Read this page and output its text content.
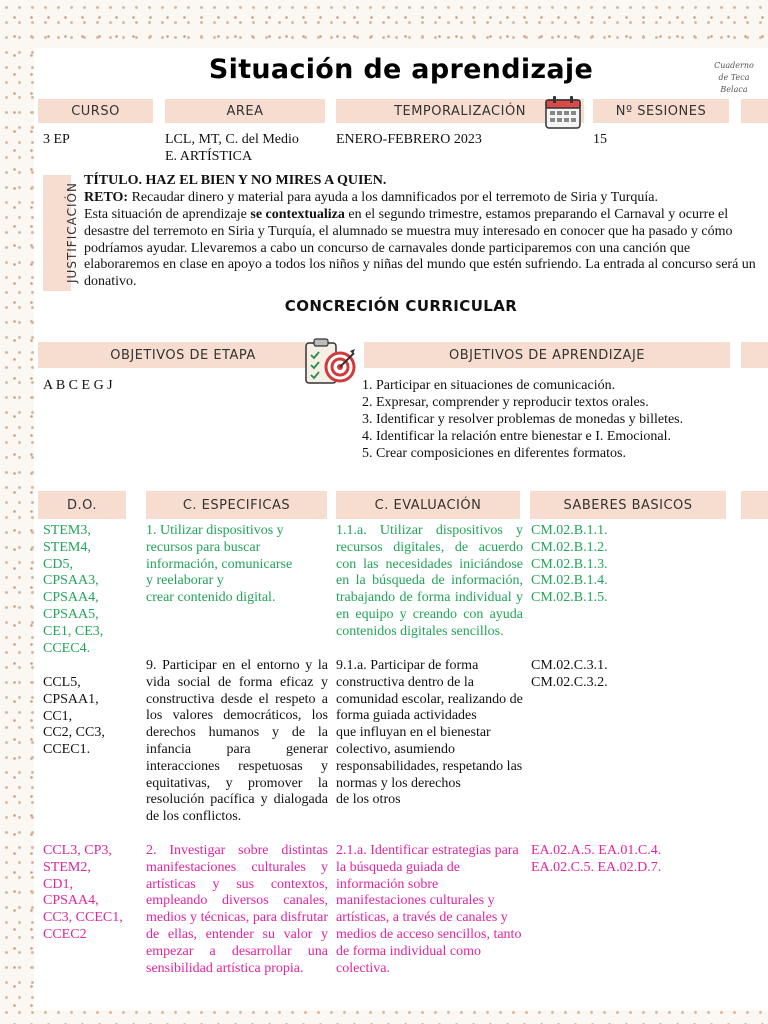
Situación de aprendizaje	Cuaderno
de Teca
Belaca
CURSO	AREA	TEMPORALIZACIÓN	Nº SESIONES
3 EP	LCL, MT, C. del Medio
E. ARTÍSTICA
ENERO-FEBRERO 2023	15
JUSTIFICACIÓN
TÍTULO. HAZ EL BIEN Y NO MIRES A QUIEN.
RETO: Recaudar dinero y material para ayuda a los damnificados por el terremoto de Siria y Turquía.
Esta situación de aprendizaje se contextualiza en el segundo trimestre, estamos preparando el Carnaval y ocurre el desastre del terremoto en Siria y Turquía, el alumnado se muestra muy interesado en conocer que ha pasado y cómo podríamos ayudar. Llevaremos a cabo un concurso de carnavales donde participaremos con una canción que elaboraremos en clase en apoyo a todos los niños y niñas del mundo que estén sufriendo. La entrada al concurso será un donativo.
CONCRECIÓN CURRICULAR
OBJETIVOS DE ETAPA	OBJETIVOS DE APRENDIZAJE
A B C E G J
1.	Participar en situaciones de comunicación.
2. Expresar, comprender y reproducir textos orales.
3. Identificar y resolver problemas de monedas y billetes.
4. Identificar la relación entre bienestar e I. Emocional.
5. Crear composiciones en diferentes formatos.
D.O.	C. ESPECIFICAS	C. EVALUACIÓN	SABERES BASICOS
STEM3,
STEM4,
CD5,
CPSAA3,
CPSAA4,
CPSAA5,
CE1, CE3,
CCEC4.
1. Utilizar dispositivos y recursos para buscar información, comunicarse
y reelaborar y
crear contenido digital.
1.1.a. Utilizar dispositivos y recursos digitales, de acuerdo con las necesidades iniciándose en la búsqueda de información, trabajando de forma individual y en equipo y creando con ayuda contenidos digitales sencillos.
CM.02.B.1.1.
CM.02.B.1.2.
CM.02.B.1.3.
CM.02.B.1.4.
CM.02.B.1.5.
CCL5,
CPSAA1,
CC1,
CC2, CC3,
CCEC1.
9. Participar en el entorno y la vida social de forma eficaz y constructiva desde el respeto a los valores democráticos, los derechos humanos y de la infancia para generar interacciones respetuosas y equitativas, y promover la resolución pacífica y dialogada de los conflictos.
9.1.a. Participar de forma constructiva dentro de la comunidad escolar, realizando de forma guiada actividades
que influyan en el bienestar colectivo, asumiendo responsabilidades, respetando las normas y los derechos
de los otros
CM.02.C.3.1.
CM.02.C.3.2.
CCL3, CP3,
STEM2,
CD1,
CPSAA4,
CC3, CCEC1,
CCEC2
2. Investigar sobre distintas manifestaciones culturales y artísticas y sus contextos, empleando diversos canales, medios y técnicas, para disfrutar de ellas, entender su valor y empezar a desarrollar una sensibilidad artística propia.
2.1.a. Identificar estrategias para la búsqueda guiada de información sobre manifestaciones culturales y artísticas, a través de canales y medios de acceso sencillos, tanto de forma individual como colectiva.
EA.02.A.5. EA.01.C.4.
EA.02.C.5. EA.02.D.7.
